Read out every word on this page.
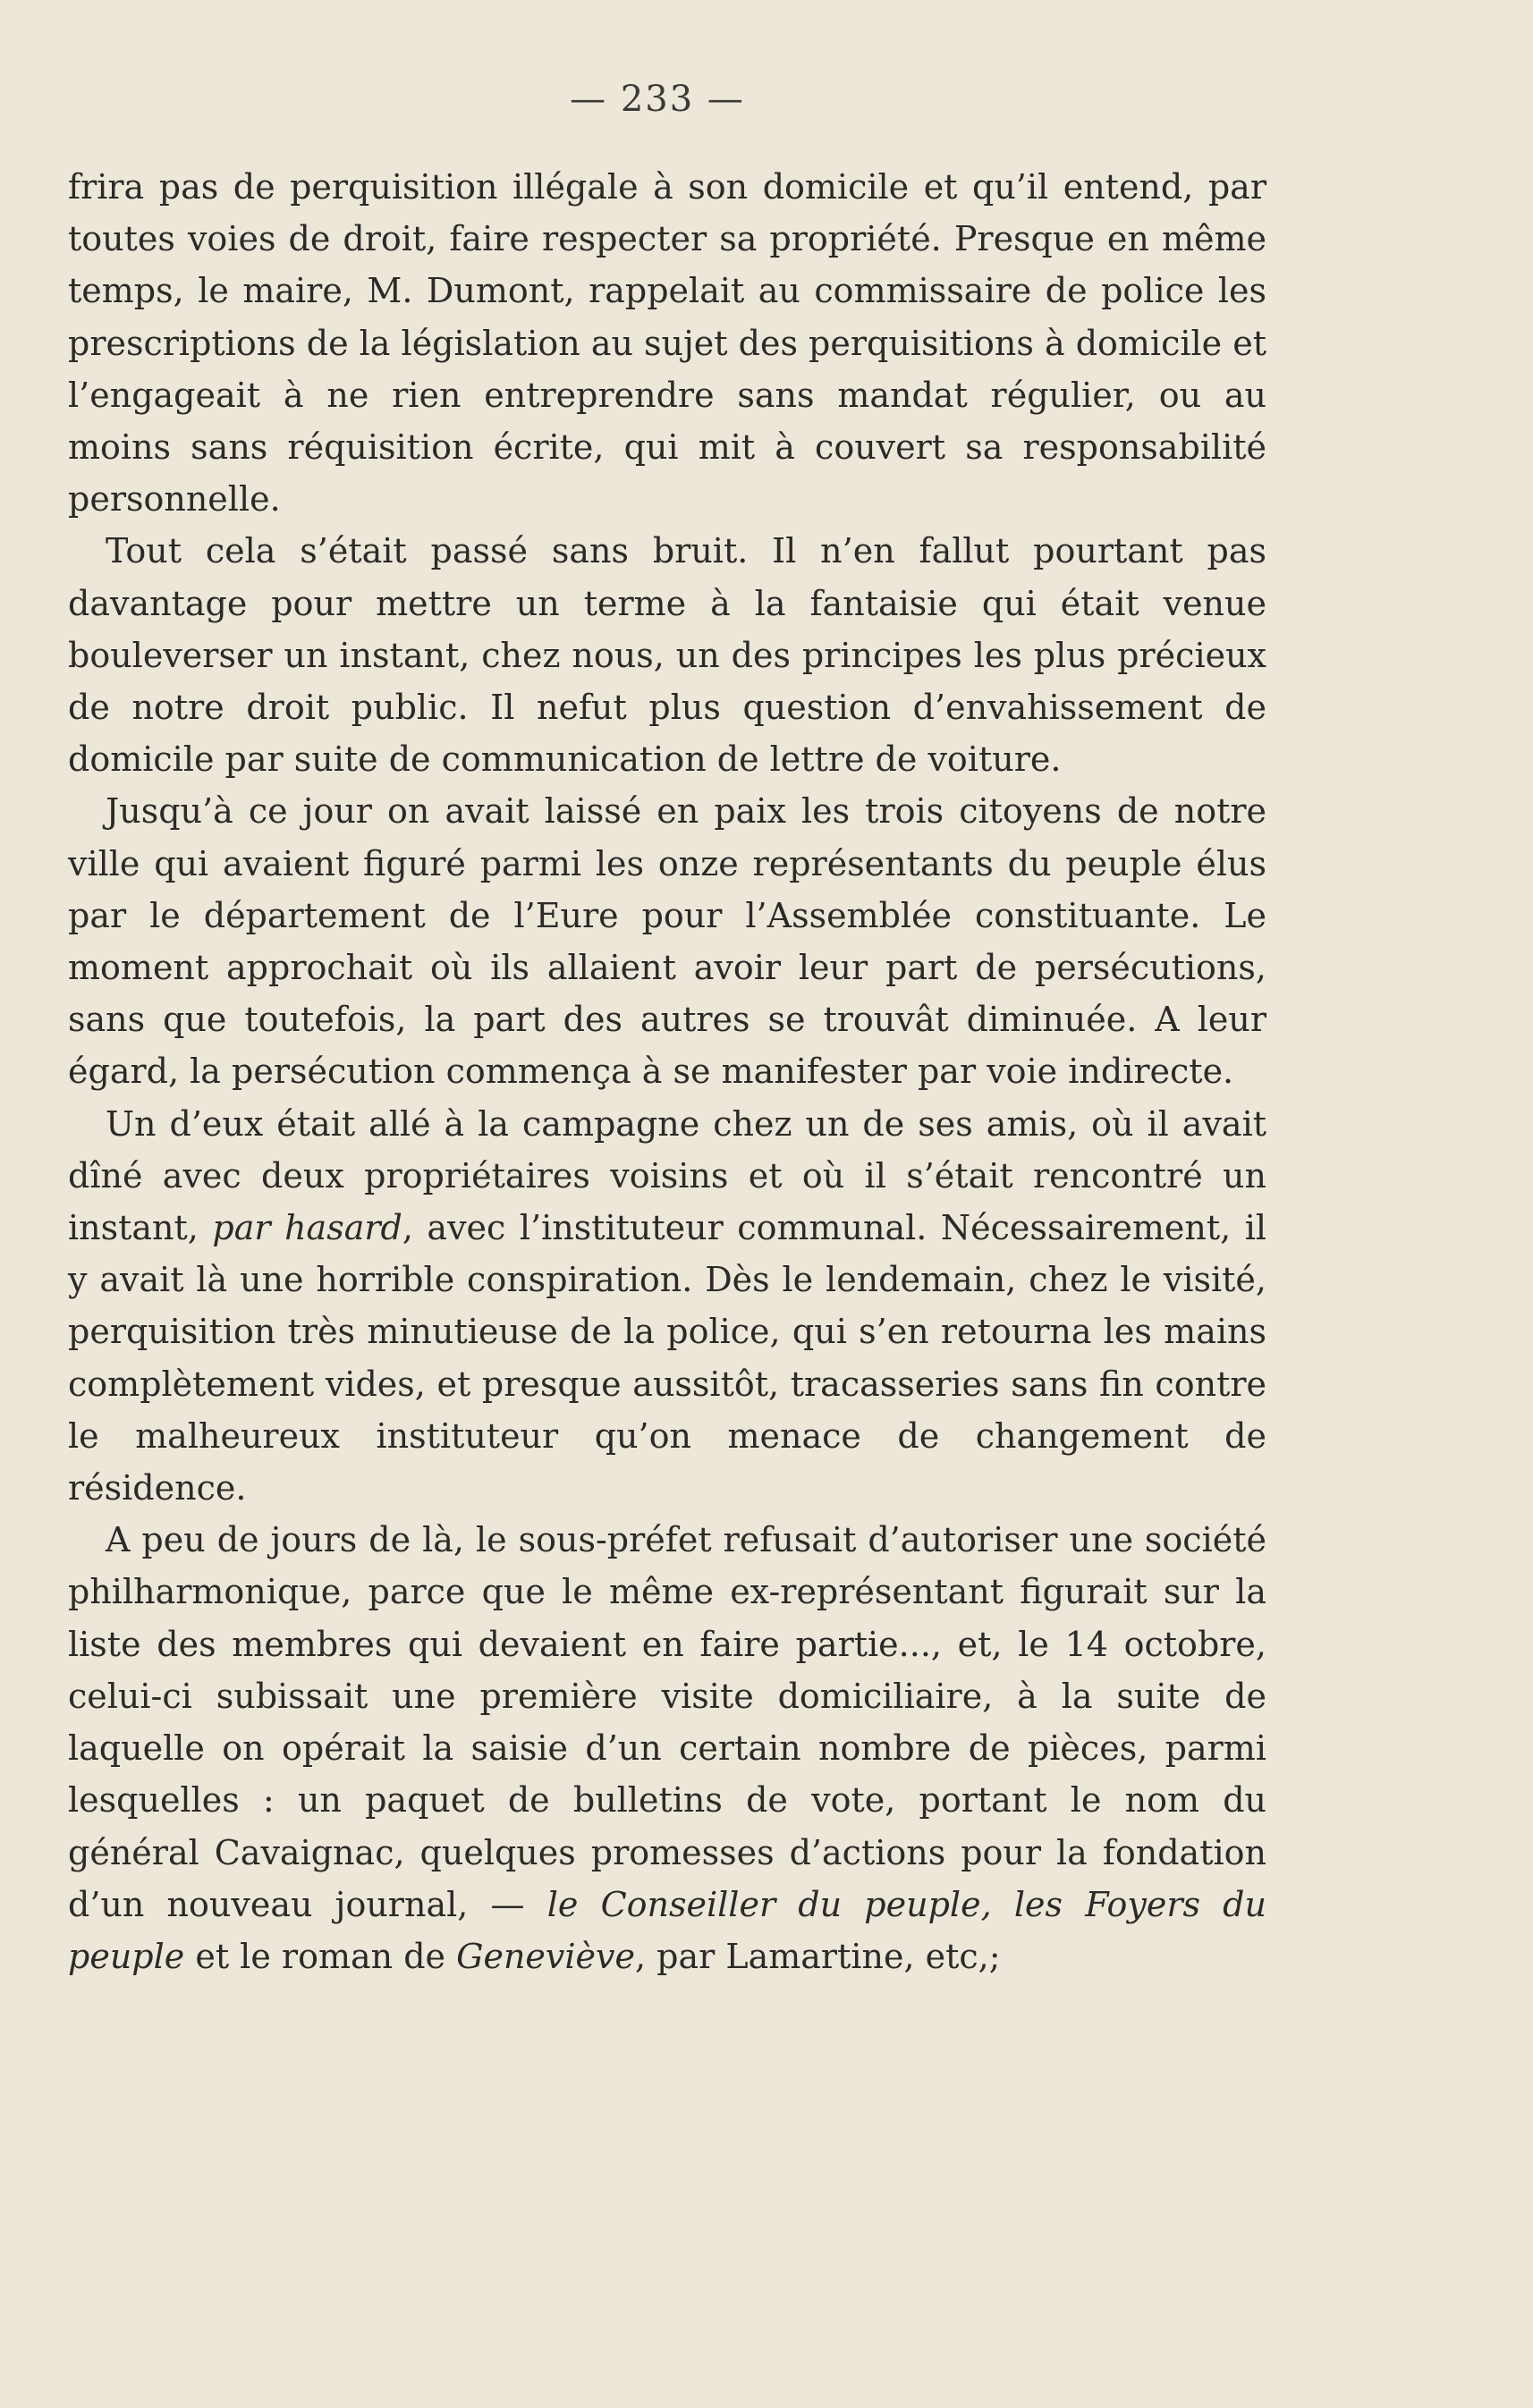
— 233 —

frira pas de perquisition illégale à son domicile et qu’il entend, par toutes voies de droit, faire respecter sa propriété. Presque en même temps, le maire, M. Dumont, rappelait au commissaire de police les prescriptions de la législation au sujet des perquisitions à domicile et l’engageait à ne rien entreprendre sans mandat régulier, ou au moins sans réquisition écrite, qui mit à couvert sa responsabilité personnelle.

Tout cela s’était passé sans bruit. Il n’en fallut pourtant pas davantage pour mettre un terme à la fantaisie qui était venue bouleverser un instant, chez nous, un des principes les plus précieux de notre droit public. Il nefut plus question d’envahissement de domicile par suite de communication de lettre de voiture.

Jusqu’à ce jour on avait laissé en paix les trois citoyens de notre ville qui avaient figuré parmi les onze représentants du peuple élus par le département de l’Eure pour l’Assemblée constituante. Le moment approchait où ils allaient avoir leur part de persécutions, sans que toutefois, la part des autres se trouvât diminuée. A leur égard, la persécution commença à se manifester par voie indirecte.

Un d’eux était allé à la campagne chez un de ses amis, où il avait dîné avec deux propriétaires voisins et où il s’était rencontré un instant, par hasard, avec l’instituteur communal. Nécessairement, il y avait là une horrible conspiration. Dès le lendemain, chez le visité, perquisition très minutieuse de la police, qui s’en retourna les mains complètement vides, et presque aussitôt, tracasseries sans fin contre le malheureux instituteur qu’on menace de changement de résidence.

A peu de jours de là, le sous-préfet refusait d’autoriser une société philharmonique, parce que le même ex-représentant figurait sur la liste des membres qui devaient en faire partie..., et, le 14 octobre, celui-ci subissait une première visite domiciliaire, à la suite de laquelle on opérait la saisie d’un certain nombre de pièces, parmi lesquelles : un paquet de bulletins de vote, portant le nom du général Cavaignac, quelques promesses d’actions pour la fondation d’un nouveau journal, — le Conseiller du peuple, les Foyers du peuple et le roman de Geneviève, par Lamartine, etc,;
